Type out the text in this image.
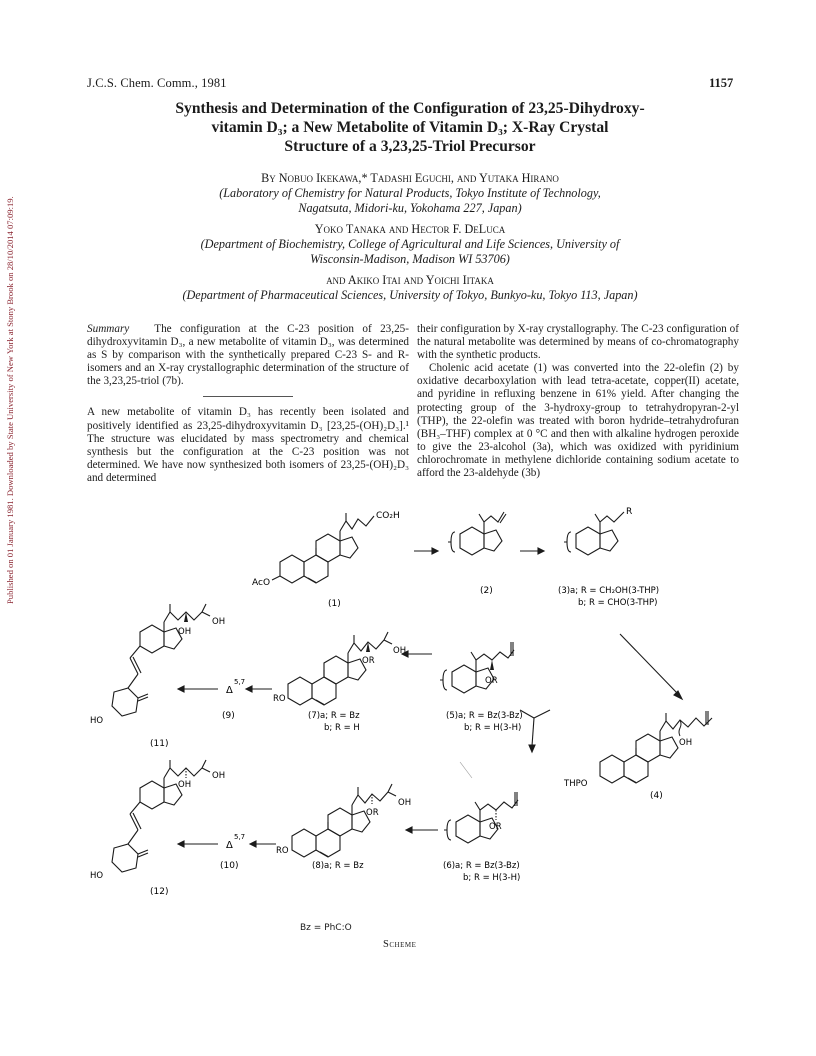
Published on 01 January 1981. Downloaded by State University of New York at Stony Brook on 28/10/2014 07:09:19.
J.C.S. Chem. Comm., 1981	1157
Synthesis and Determination of the Configuration of 23,25-Dihydroxy-
vitamin D₃; a New Metabolite of Vitamin D₃; X-Ray Crystal
Structure of a 3,23,25-Triol Precursor
By Nobuo Ikekawa,* Tadashi Eguchi, and Yutaka Hirano
(Laboratory of Chemistry for Natural Products, Tokyo Institute of Technology,
Nagatsuta, Midori-ku, Yokohama 227, Japan)
Yoko Tanaka and Hector F. DeLuca
(Department of Biochemistry, College of Agricultural and Life Sciences, University of
Wisconsin-Madison, Madison WI 53706)
and Akiko Itai and Yoichi Iitaka
(Department of Pharmaceutical Sciences, University of Tokyo, Bunkyo-ku, Tokyo 113, Japan)

Summary The configuration at the C-23 position of 23,25-dihydroxyvitamin D₃, a new metabolite of vitamin D₃, was determined as S by comparison with the synthetically prepared C-23 S- and R-isomers and an X-ray crystallographic determination of the structure of the 3,23,25-triol (7b).

A new metabolite of vitamin D₃ has recently been isolated and positively identified as 23,25-dihydroxyvitamin D₃ [23,25-(OH)₂D₃].¹ The structure was elucidated by mass spectrometry and chemical synthesis but the configuration at the C-23 position was not determined. We have now synthesized both isomers of 23,25-(OH)₂D₃ and determined

their configuration by X-ray crystallography. The C-23 configuration of the natural metabolite was determined by means of co-chromatography with the synthetic products.

Cholenic acid acetate (1) was converted into the 22-olefin (2) by oxidative decarboxylation with lead tetra-acetate, copper(II) acetate, and pyridine in refluxing benzene in 61% yield. After changing the protecting group of the 3-hydroxy-group to tetrahydropyran-2-yl (THP), the 22-olefin was treated with boron hydride–tetrahydrofuran (BH₃–THF) complex at 0 °C and then with alkaline hydrogen peroxide to give the 23-alcohol (3a), which was oxidized with pyridinium chlorochromate in methylene dichloride containing sodium acetate to afford the 23-aldehyde (3b)

CO₂H
AcO
(1)
(2)
R
(3)a; R = CH₂OH(3-THP)
b; R = CHO(3-THP)
OH
THPO
(4)
OR
(5)a; R = Bz(3-Bz)
b; R = H(3-H)
OR
OH
RO
(7)a; R = Bz
b; R = H
Δ
5,7
(9)
OH
OH
HO
(11)
OR
(6)a; R = Bz(3-Bz)
b; R = H(3-H)
OR
OH
RO
(8)a; R = Bz
Δ
5,7
(10)
OH
OH
HO
(12)
Bz = PhC:O
Scheme
